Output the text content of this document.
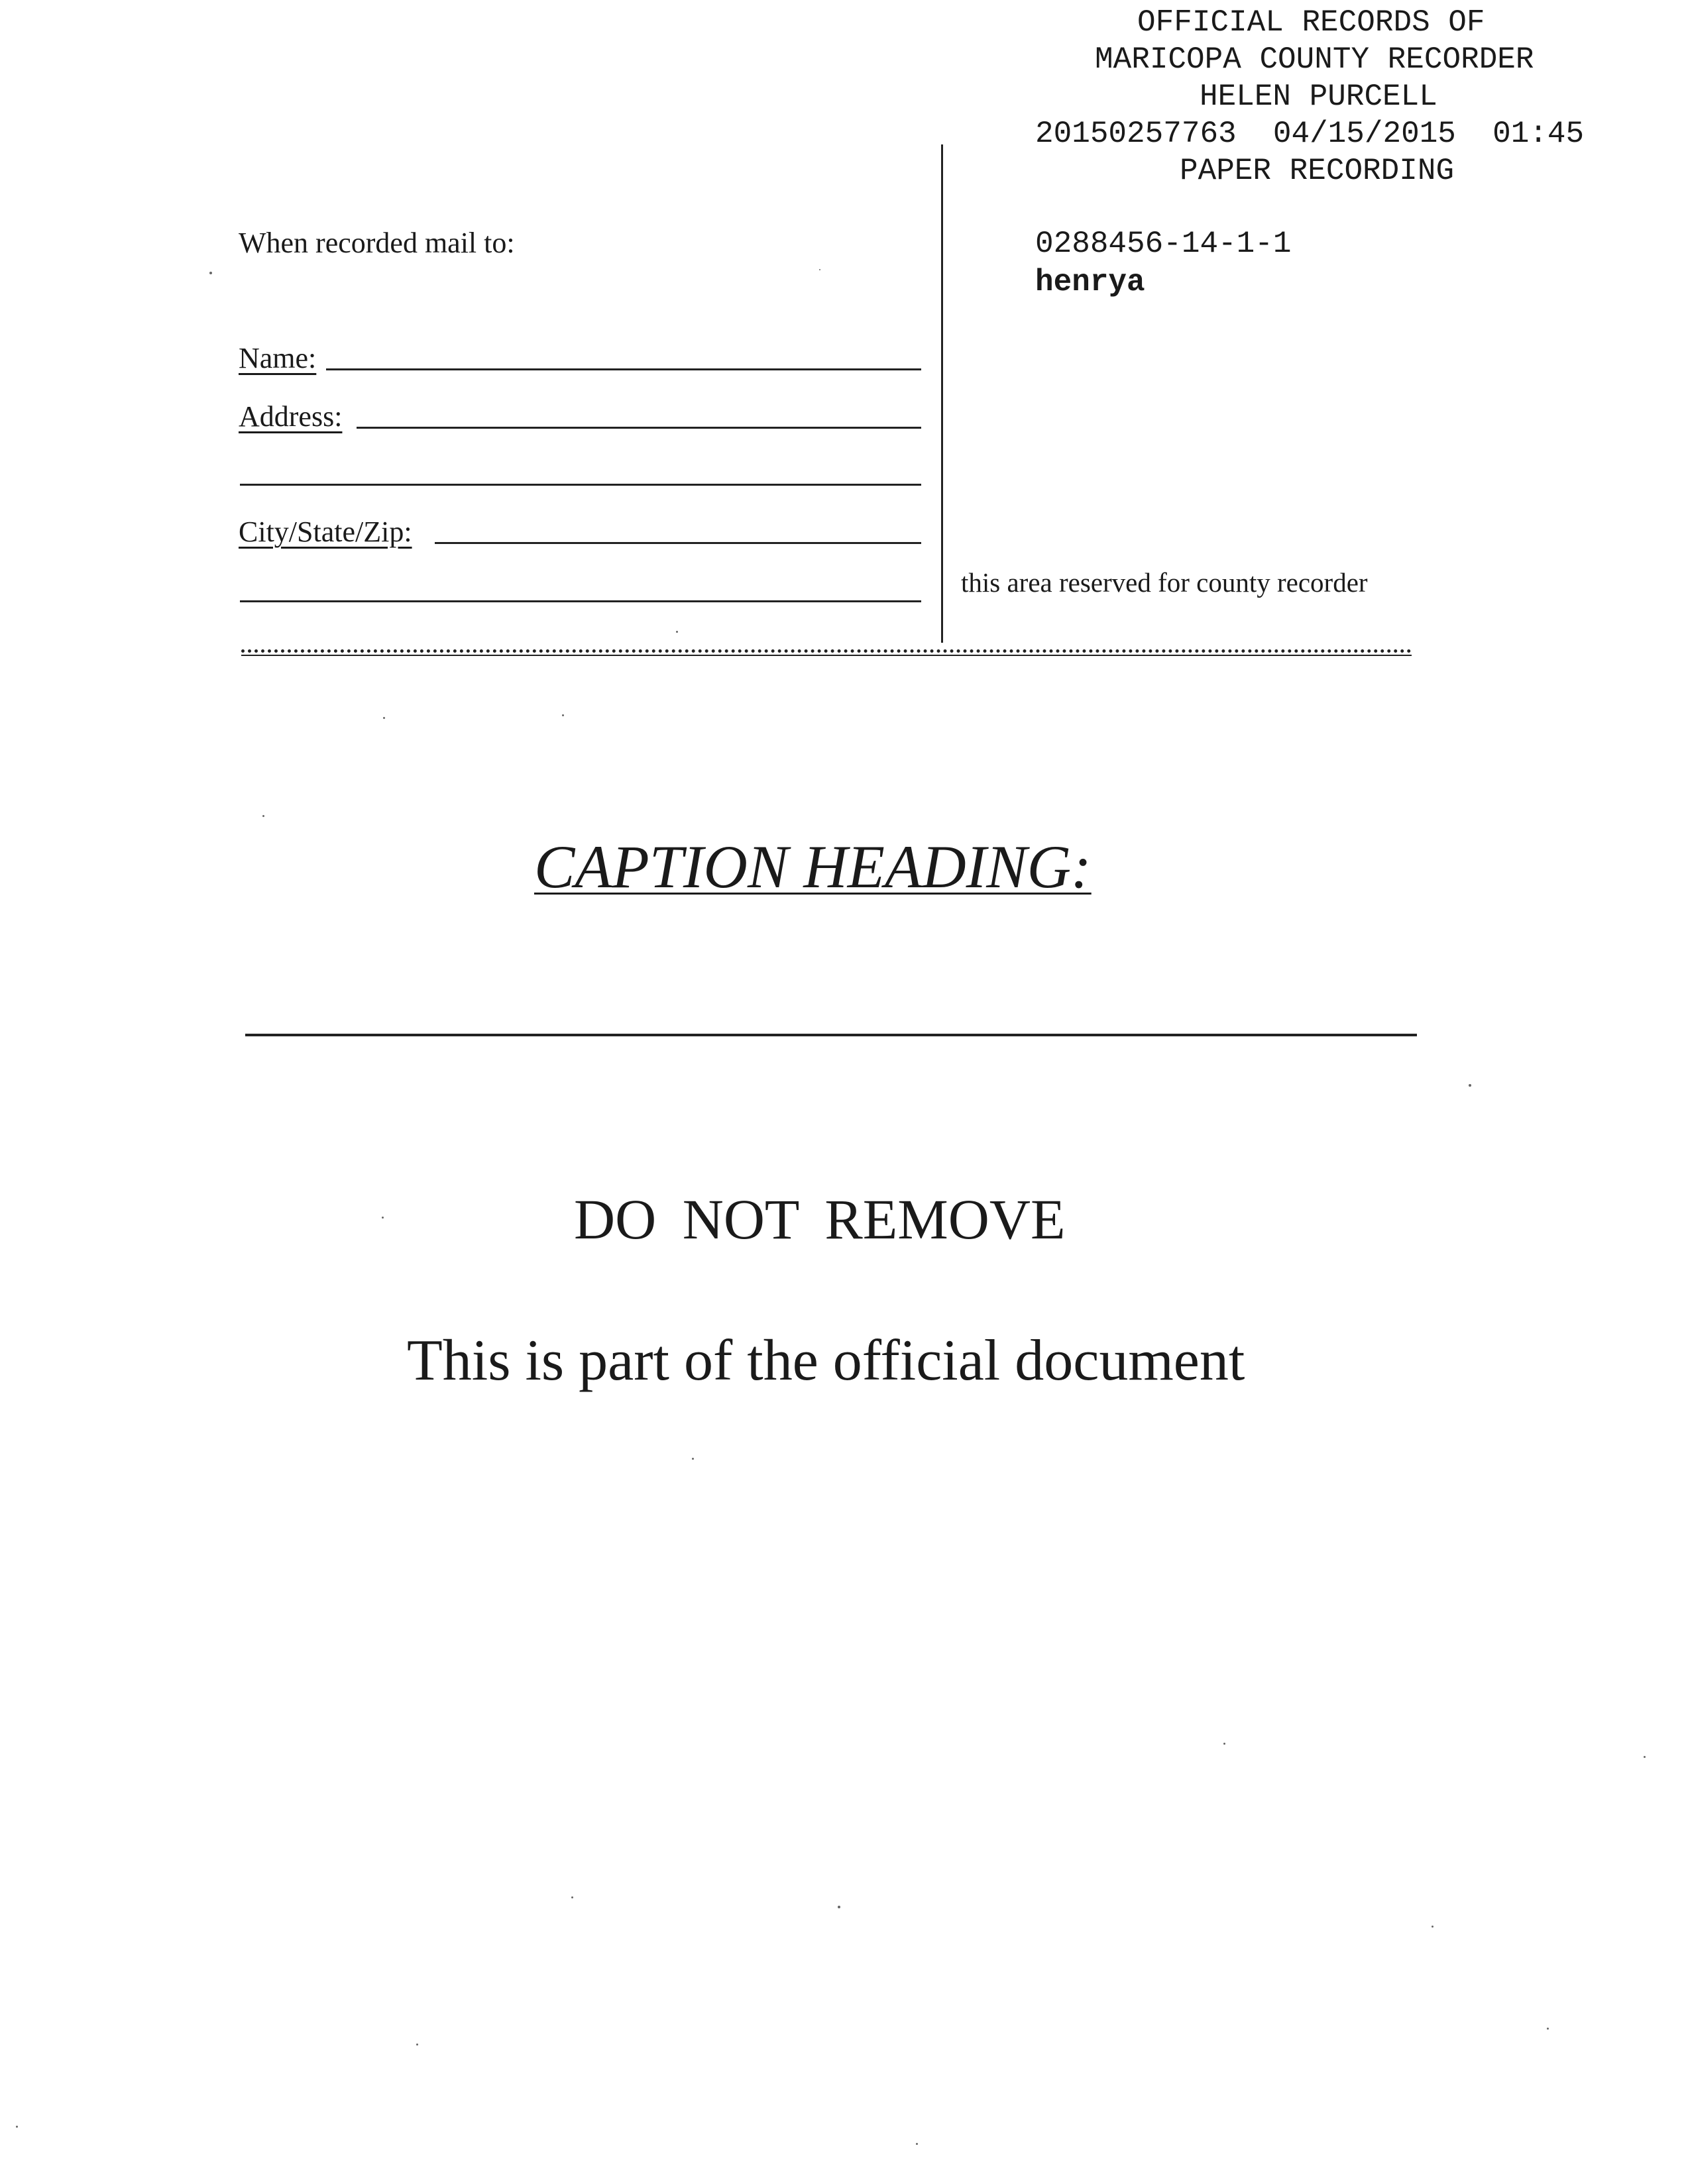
OFFICIAL RECORDS OF

MARICOPA COUNTY RECORDER

HELEN PURCELL

20150257763  04/15/2015  01:45

PAPER RECORDING

0288456-14-1-1

henrya

When recorded mail to:
Name:
Address:
City/State/Zip:
this area reserved for county recorder
CAPTION HEADING:
DO NOT REMOVE
This is part of the official document
